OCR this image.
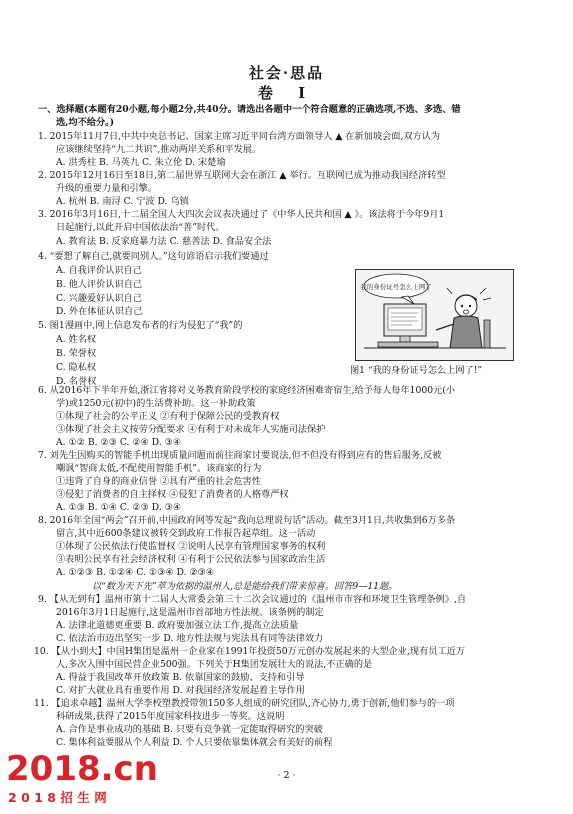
社会·思品
卷 Ⅰ
一、选择题(本题有20小题,每小题2分,共40分。请选出各题中一个符合题意的正确选项,不选、多选、错
选,均不给分。)
1. 2015年11月7日,中共中央总书记、国家主席习近平同台湾方面领导人 ▲ 在新加坡会面,双方认为
应该继续坚持“九二共识”,推动两岸关系和平发展。
A. 洪秀柱 B. 马英九 C. 朱立伦 D. 宋楚瑜
2. 2015年12月16日至18日,第二届世界互联网大会在浙江 ▲ 举行。互联网已成为推动我国经济转型
升级的重要力量和引擎。
A. 杭州 B. 南浔 C. 宁波 D. 乌镇
3. 2016年3月16日,十二届全国人大四次会议表决通过了《中华人民共和国 ▲ 》。该法将于今年9月1
日起施行,以此开启中国依法治“善”时代。
A. 教育法 B. 反家庭暴力法 C. 慈善法 D. 食品安全法
4. “要想了解自己,就要同别人。”这句谚语启示我们要通过
A. 自我评价认识自己
B. 他人评价认识自己
C. 兴趣爱好认识自己
D. 外在体征认识自己
5. 图1漫画中,网上信息发布者的行为侵犯了“我”的
A. 姓名权
B. 荣誉权
C. 隐私权
D. 名誉权
6. 从2016年下半年开始,浙江省将对义务教育阶段学校的家庭经济困难寄宿生,给予每人每年1000元(小
学)或1250元(初中)的生活费补助。这一补助政策
①体现了社会的公平正义 ②有利于保障公民的受教育权
③体现了社会主义按劳分配要求 ④有利于对未成年人实施司法保护
A. ①② B. ②③ C. ②④ D. ③④
7. 刘先生因购买的智能手机出现质量问题而前往商家讨要说法,但不但没有得到应有的售后服务,反被
嘲讽“智商太低,不配使用智能手机”。该商家的行为
①违背了自身的商业信誉 ②具有严重的社会危害性
③侵犯了消费者的自主择权 ④侵犯了消费者的人格尊严权
A. ①③ B. ①④ C. ②③ D. ③④
8. 2016年全国“两会”召开前,中国政府网等发起“我向总理说句话”活动。截至3月1日,共收集到6万多条
留言,其中近600条建议被转交到政府工作报告起草组。这一活动
①体现了公民依法行使监督权 ②说明人民享有管理国家事务的权利
③表明公民享有社会经济权利 ④有利于公民依法参与国家政治生活
A. ①②③ B. ①②④ C. ①③④ D. ②③④
以“数为天下先”萃为依据的温州人,总是能给我们带来惊喜。回答9—11题。
9. 【从无到有】温州市第十二届人大常委会第三十二次会议通过的《温州市市容和环境卫生管理条例》,自
2016年3月1日起施行,这是温州市首部地方性法规。该条例的制定
A. 法律北道德更重要 B. 政府要加强立法工作,提高立法质量
C. 依法治市迈出坚实一步 D. 地方性法规与宪法具有同等法律效力
10. 【从小到大】中国H集团是温州一企业家在1991年投资50万元创办发展起来的大型企业,现有员工近万
人,多次入围中国民营企业500强。下列关于H集团发展壮大的说法,不正确的是
A. 得益于我国改革开放政策 B. 依靠国家的鼓励、支持和引导
C. 对扩大就业具有重要作用 D. 对我国经济发展起着主导作用
11. 【追求卓越】温州大学李校塑教授带领150多人组成的研究团队,齐心协力,勇于创新,他们参与的一项
科研成果,获得了2015年度国家科技进步一等奖。这说明
A. 合作是事业成功的基础 B. 只要有竞争就一定能取得研究的突破
C. 集体利益要服从个人利益 D. 个人只要依靠集体就会有美好的前程
我的身份证号怎么上网了
图1 “我的身份证号怎么上网了!”
· 2 ·
2018.cn
2018招生网
